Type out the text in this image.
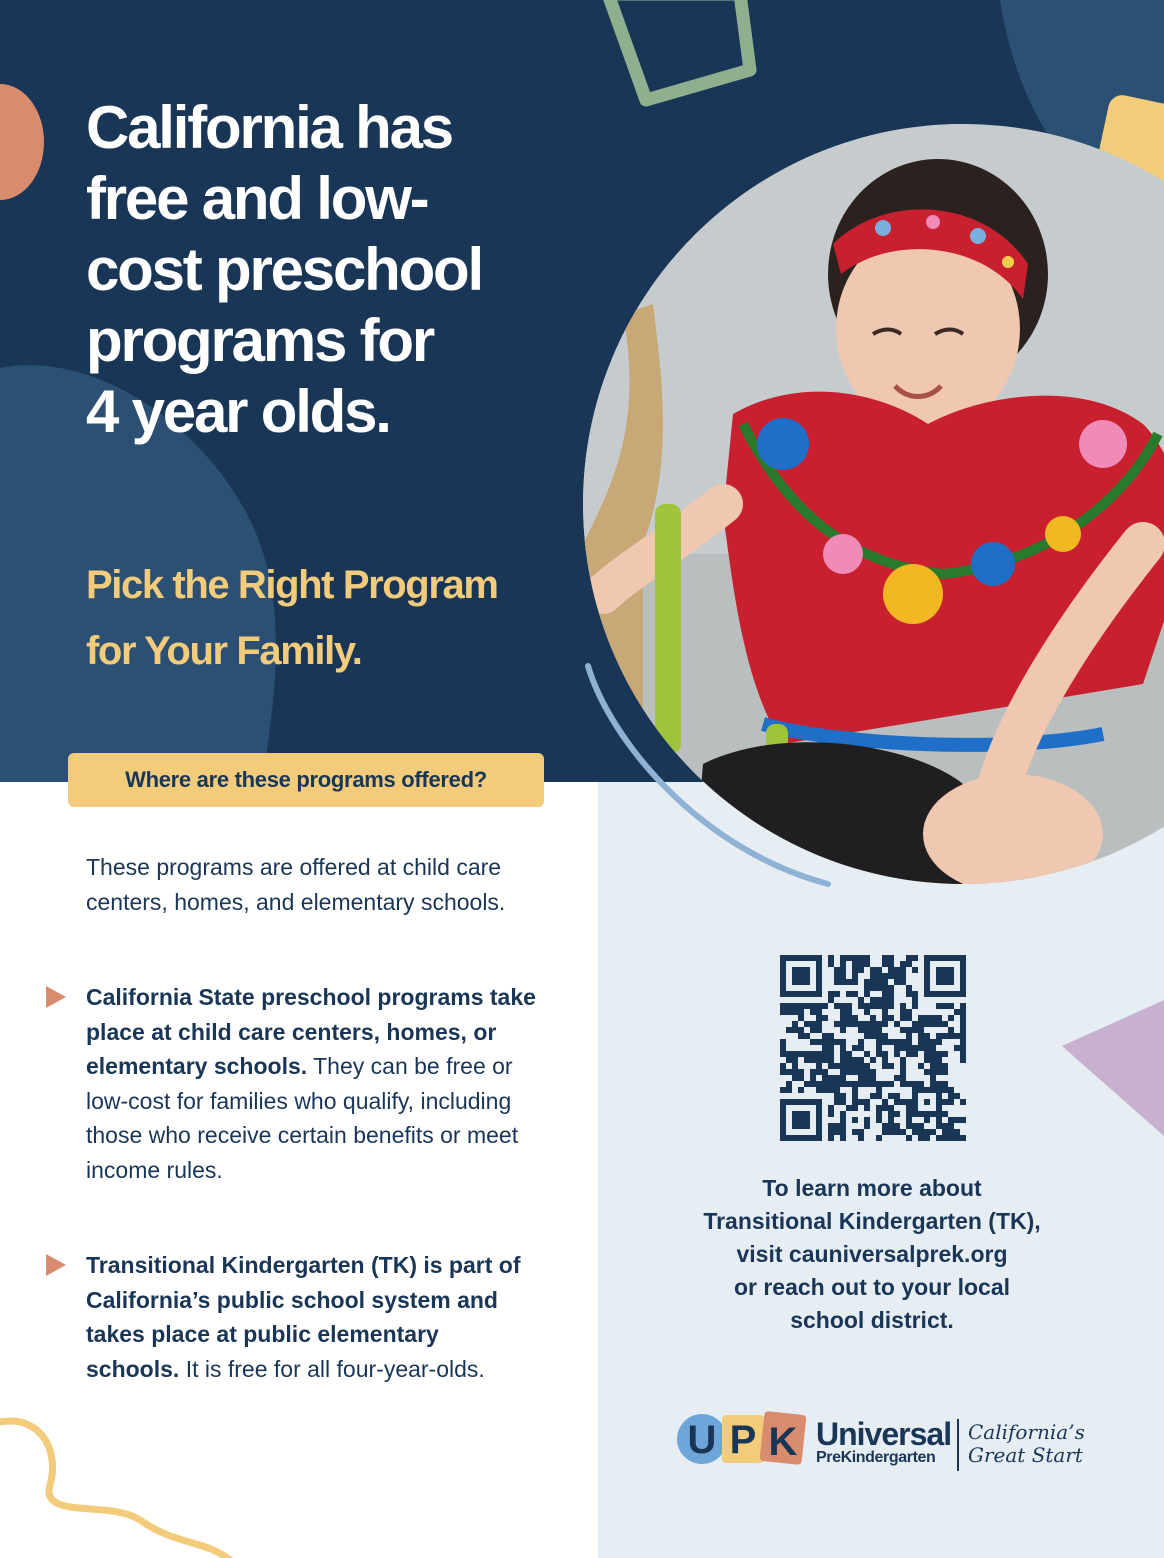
California has
free and low-
cost preschool
programs for
4 year olds.
Pick the Right Program
for Your Family.
Where are these programs offered?

These programs are offered at child care centers, homes, and elementary schools.

California State preschool programs take place at child care centers, homes, or elementary schools. They can be free or low-cost for families who qualify, including those who receive certain benefits or meet income rules.

Transitional Kindergarten (TK) is part of California’s public school system and takes place at public elementary schools. It is free for all four-year-olds.

To learn more about
Transitional Kindergarten (TK),
visit cauniversalprek.org
or reach out to your local
school district.

U P K Universal
PreKindergarten
California’s
Great Start
